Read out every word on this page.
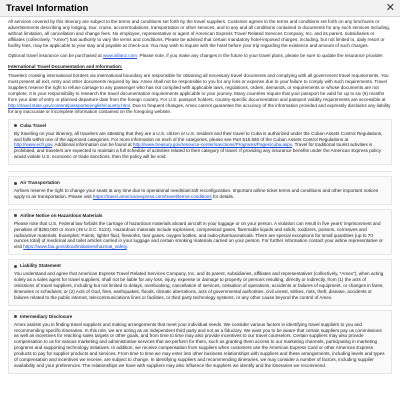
Travel Information	✕

All services covered by this itinerary are subject to the terms and conditions set forth by the travel suppliers. Customer agrees to the terms and conditions set forth on any brochures or advertisements describing any lodging, tour, cruise, accommodations, transportation or other services, and to any and all conditions contained in documents for any such services including, without limitation, all cancellation and change fees. No employee, representative or agent of American Express Travel Related Services Company, Inc. and its parent, subsidiaries or affiliates (collectively, "Amex") has authority to vary the terms and conditions. Please be advised that certain mandatory hotel-imposed charges, including, but not limited to, daily resort or facility fees, may be applicable to your stay and payable at check-out. You may wish to inquire with the hotel before your trip regarding the existence and amount of such charges.

Optional travel insurance can be purchased at www.allianz.com. Please note, if you make any changes in the future to your travel plans, please be sure to update the insurance provider.

International Travel Documentation and Information:

Travelers crossing international borders via international boundary are responsible for obtaining all necessary travel documents and complying with all government travel requirements. You must present all exit, entry and other documents required by law. Amex shall not be responsible to you for any loss or expense due to your failure to comply with such requirements. Travel Suppliers reserve the right to refuse carriage to any passenger who has not complied with applicable laws, regulations, orders, demands, or requirements or whose documents are not complete. It is your responsibility to research the travel documentation requirements applicable to your journey. Many countries require that your passport be valid for up to six (6) months from your date of entry or planned departure date from the foreign country. For U.S. passport holders, country-specific documentation and passport validity requirements are accessible at http://travel.state.gov/content/passports/english/country.html. Due to frequent changes, Amex cannot guarantee the accuracy of the information provided and expressly disclaims any liability for any inaccurate or incomplete information contained on the foregoing website.

Cuba Travel
By traveling on your itinerary, all travelers are attesting that they are a U.S. citizen or U.S. resident and their travel to Cuba is authorized under the Cuban Assets Control Regulations, and falls within one of the approved categories. For more information on each of the categories, please see Part 515.560 of the Cuban Assets Control Regulations at http://www.ecfr.gov. Additional information can be found at http://www.treasury.gov/resource-center/sanctions/Programs/Pages/cuba.aspx. Travel for traditional tourist activities is prohibited, and travelers are expected to maintain a full schedule of activities related to their category of travel. If providing any insurance benefits under the American Express policy would violate U.S. economic or trade sanctions, then the policy will be void.
Air Transportation
Airlines reserve the right to change your seats at any time due to operational needs/aircraft reconfiguration. Important airline ticket terms and conditions and other important notices apply to air transportation. Please visit https://travel.americanexpress.com/travel/terms-conditions for details.
Airline Notice on Hazardous Materials
Please note that U.S. Federal law forbids the carriage of hazardous materials aboard aircraft in your luggage or on your person. A violation can result in five years' imprisonment and penalties of $250,000 or more (49 U.S.C. 5124). Hazardous materials include explosives, compressed gases, flammable liquids and solids, oxidizers, poisons, corrosives and radioactive materials. Examples: Paints, lighter fluid, fireworks, tear gases, oxygen bottles, and radio-pharmaceuticals. There are special exceptions for small quantities (up to 70 ounces total) of medicinal and toilet articles carried in your luggage and certain smoking materials carried on your person. For further information contact your airline representative or visit https://www.faa.gov/about/initiatives/hazmat_safety.
Liability Statement
You understand and agree that American Express Travel Related Services Company, Inc. and its parent, subsidiaries, affiliates and representatives (collectively, "Amex"), when acting solely as a sales agent for travel suppliers, shall not be liable for any loss, injury, expense or damage to property or persons resulting, directly or indirectly, from (1) the acts of omissions of travel suppliers, including but not limited to delays, overbooking, cancellation of services, cessation of operations, accidents or failures of equipment, or changes in fares, itineraries or schedules; or (2) Acts of God, fires, earthquakes, floods, climatic aberrations, acts of governmental authorities, civil unrest, strikes, riots, theft, disease, accidents or failures related to the public internet, telecommunications lines or facilities, or third party technology systems, or any other cause beyond the control of Amex.
Intermediary Disclosure
Amex assists you in finding travel suppliers and making arrangements that meet your individual needs. We consider various factors in identifying travel suppliers to you and recommending specific itineraries. In this role, we are acting as an independent third party and not as a fiduciary. We want you to be aware that certain suppliers pay us commissions as well as incentives for reaching sales targets or other goals, and from time to time may also provide incentives to our travel counselors. Certain suppliers may also provide compensation to us for various marketing and administrative services that we perform for them, such as granting them access to our marketing channels, participating in marketing programs and supporting technology initiatives. In addition, we receive compensation from suppliers when customers use the American Express Card or other American Express products to pay for supplier products and services. From time to time we may enter into other business relationships with suppliers and these arrangements, including levels and types of compensation and incentives we receive, are subject to change. In identifying suppliers and recommending itineraries, we may consider a number of factors, including supplier availability and your preferences. The relationships we have with suppliers may also influence the suppliers we identify and the itineraries we recommend.
